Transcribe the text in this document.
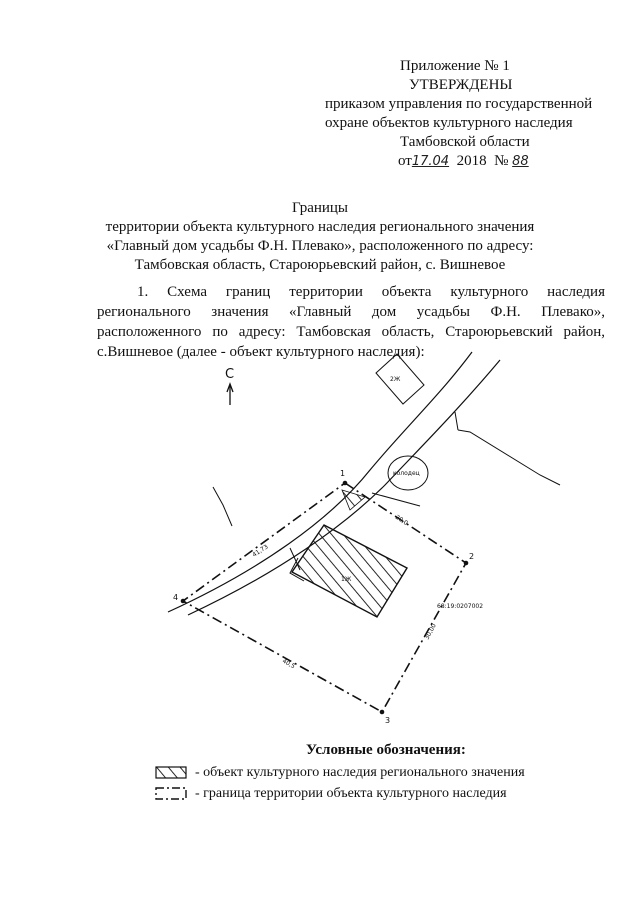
Приложение № 1
УТВЕРЖДЕНЫ
приказом управления по государственной
охране объектов культурного наследия
Тамбовской области
от17.04 2018 № 88
Границы
территории объекта культурного наследия регионального значения
«Главный дом усадьбы Ф.Н. Плевако», расположенного по адресу:
Тамбовская область, Староюрьевский район, с. Вишневое
1. Схема границ территории объекта культурного наследия регионального значения «Главный дом усадьбы Ф.Н. Плевако», расположенного по адресу: Тамбовская область, Староюрьевский район, с.Вишневое (далее - объект культурного наследия):
С	2Ж
колодец
1
2
3
4
20,0
30,00
40,5
41,73
68:19:0207002
1Ж
Условные обозначения:
- объект культурного наследия регионального значения
- граница территории объекта культурного наследия
